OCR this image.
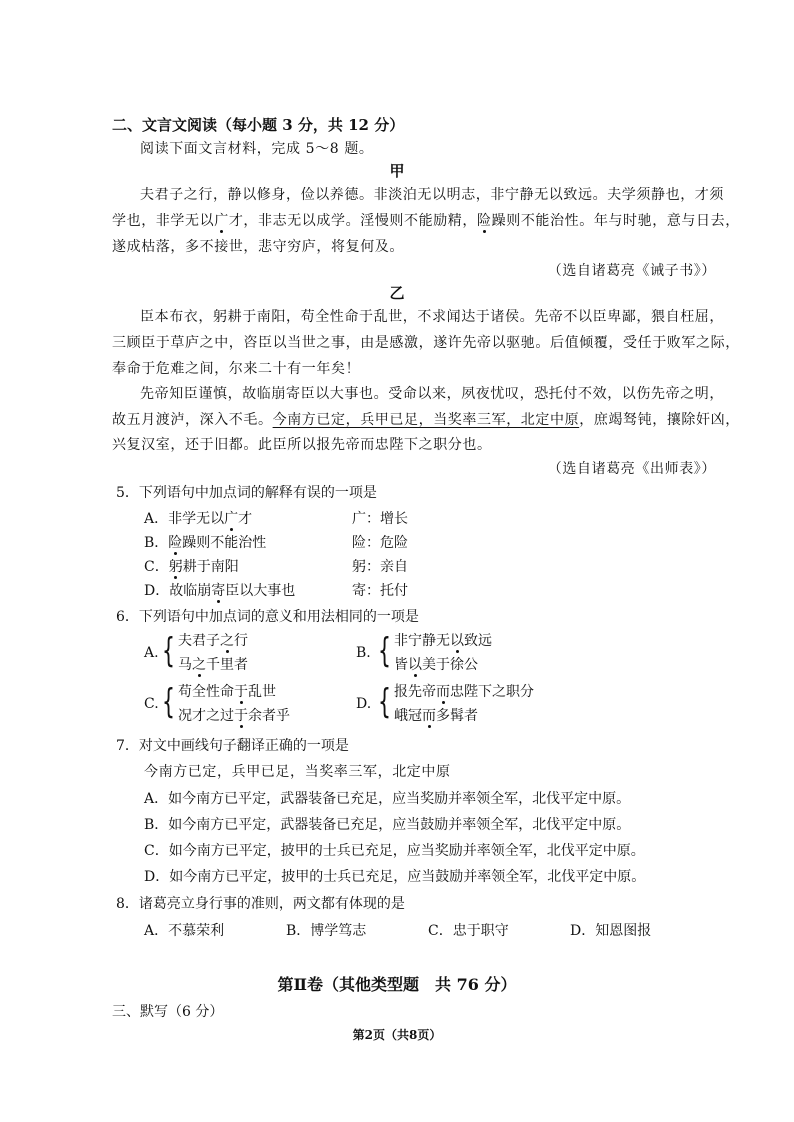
二、文言文阅读（每小题 3 分，共 12 分）
阅读下面文言材料，完成 5～8 题。
甲
夫君子之行，静以修身，俭以养德。非淡泊无以明志，非宁静无以致远。夫学须静也，才须
学也，非学无以广才，非志无以成学。淫慢则不能励精，险躁则不能治性。年与时驰，意与日去，
遂成枯落，多不接世，悲守穷庐，将复何及。
（选自诸葛亮《诫子书》）
乙
臣本布衣，躬耕于南阳，苟全性命于乱世，不求闻达于诸侯。先帝不以臣卑鄙，猥自枉屈，
三顾臣于草庐之中，咨臣以当世之事，由是感激，遂许先帝以驱驰。后值倾覆，受任于败军之际，
奉命于危难之间，尔来二十有一年矣！
先帝知臣谨慎，故临崩寄臣以大事也。受命以来，夙夜忧叹，恐托付不效，以伤先帝之明，
故五月渡泸，深入不毛。今南方已定，兵甲已足，当奖率三军，北定中原，庶竭驽钝，攘除奸凶，
兴复汉室，还于旧都。此臣所以报先帝而忠陛下之职分也。
（选自诸葛亮《出师表》）
5．下列语句中加点词的解释有误的一项是
A．非学无以广才	广：增长
B．险躁则不能治性	险：危险
C．躬耕于南阳	躬：亲自
D．故临崩寄臣以大事也	寄：托付
6．下列语句中加点词的意义和用法相同的一项是
A. { 夫君子之行
马之千里者
B. { 非宁静无以致远
皆以美于徐公
C. { 苟全性命于乱世
况才之过于余者乎
D. { 报先帝而忠陛下之职分
峨冠而多髯者
7．对文中画线句子翻译正确的一项是
今南方已定，兵甲已足，当奖率三军，北定中原
A．如今南方已平定，武器装备已充足，应当奖励并率领全军，北伐平定中原。
B．如今南方已平定，武器装备已充足，应当鼓励并率领全军，北伐平定中原。
C．如今南方已平定，披甲的士兵已充足，应当奖励并率领全军，北伐平定中原。
D．如今南方已平定，披甲的士兵已充足，应当鼓励并率领全军，北伐平定中原。
8．诸葛亮立身行事的准则，两文都有体现的是
A．不慕荣利	B．博学笃志	C．忠于职守	D．知恩图报
第Ⅱ卷（其他类型题　共 76 分）
三、默写（6 分）
第2页（共8页）
